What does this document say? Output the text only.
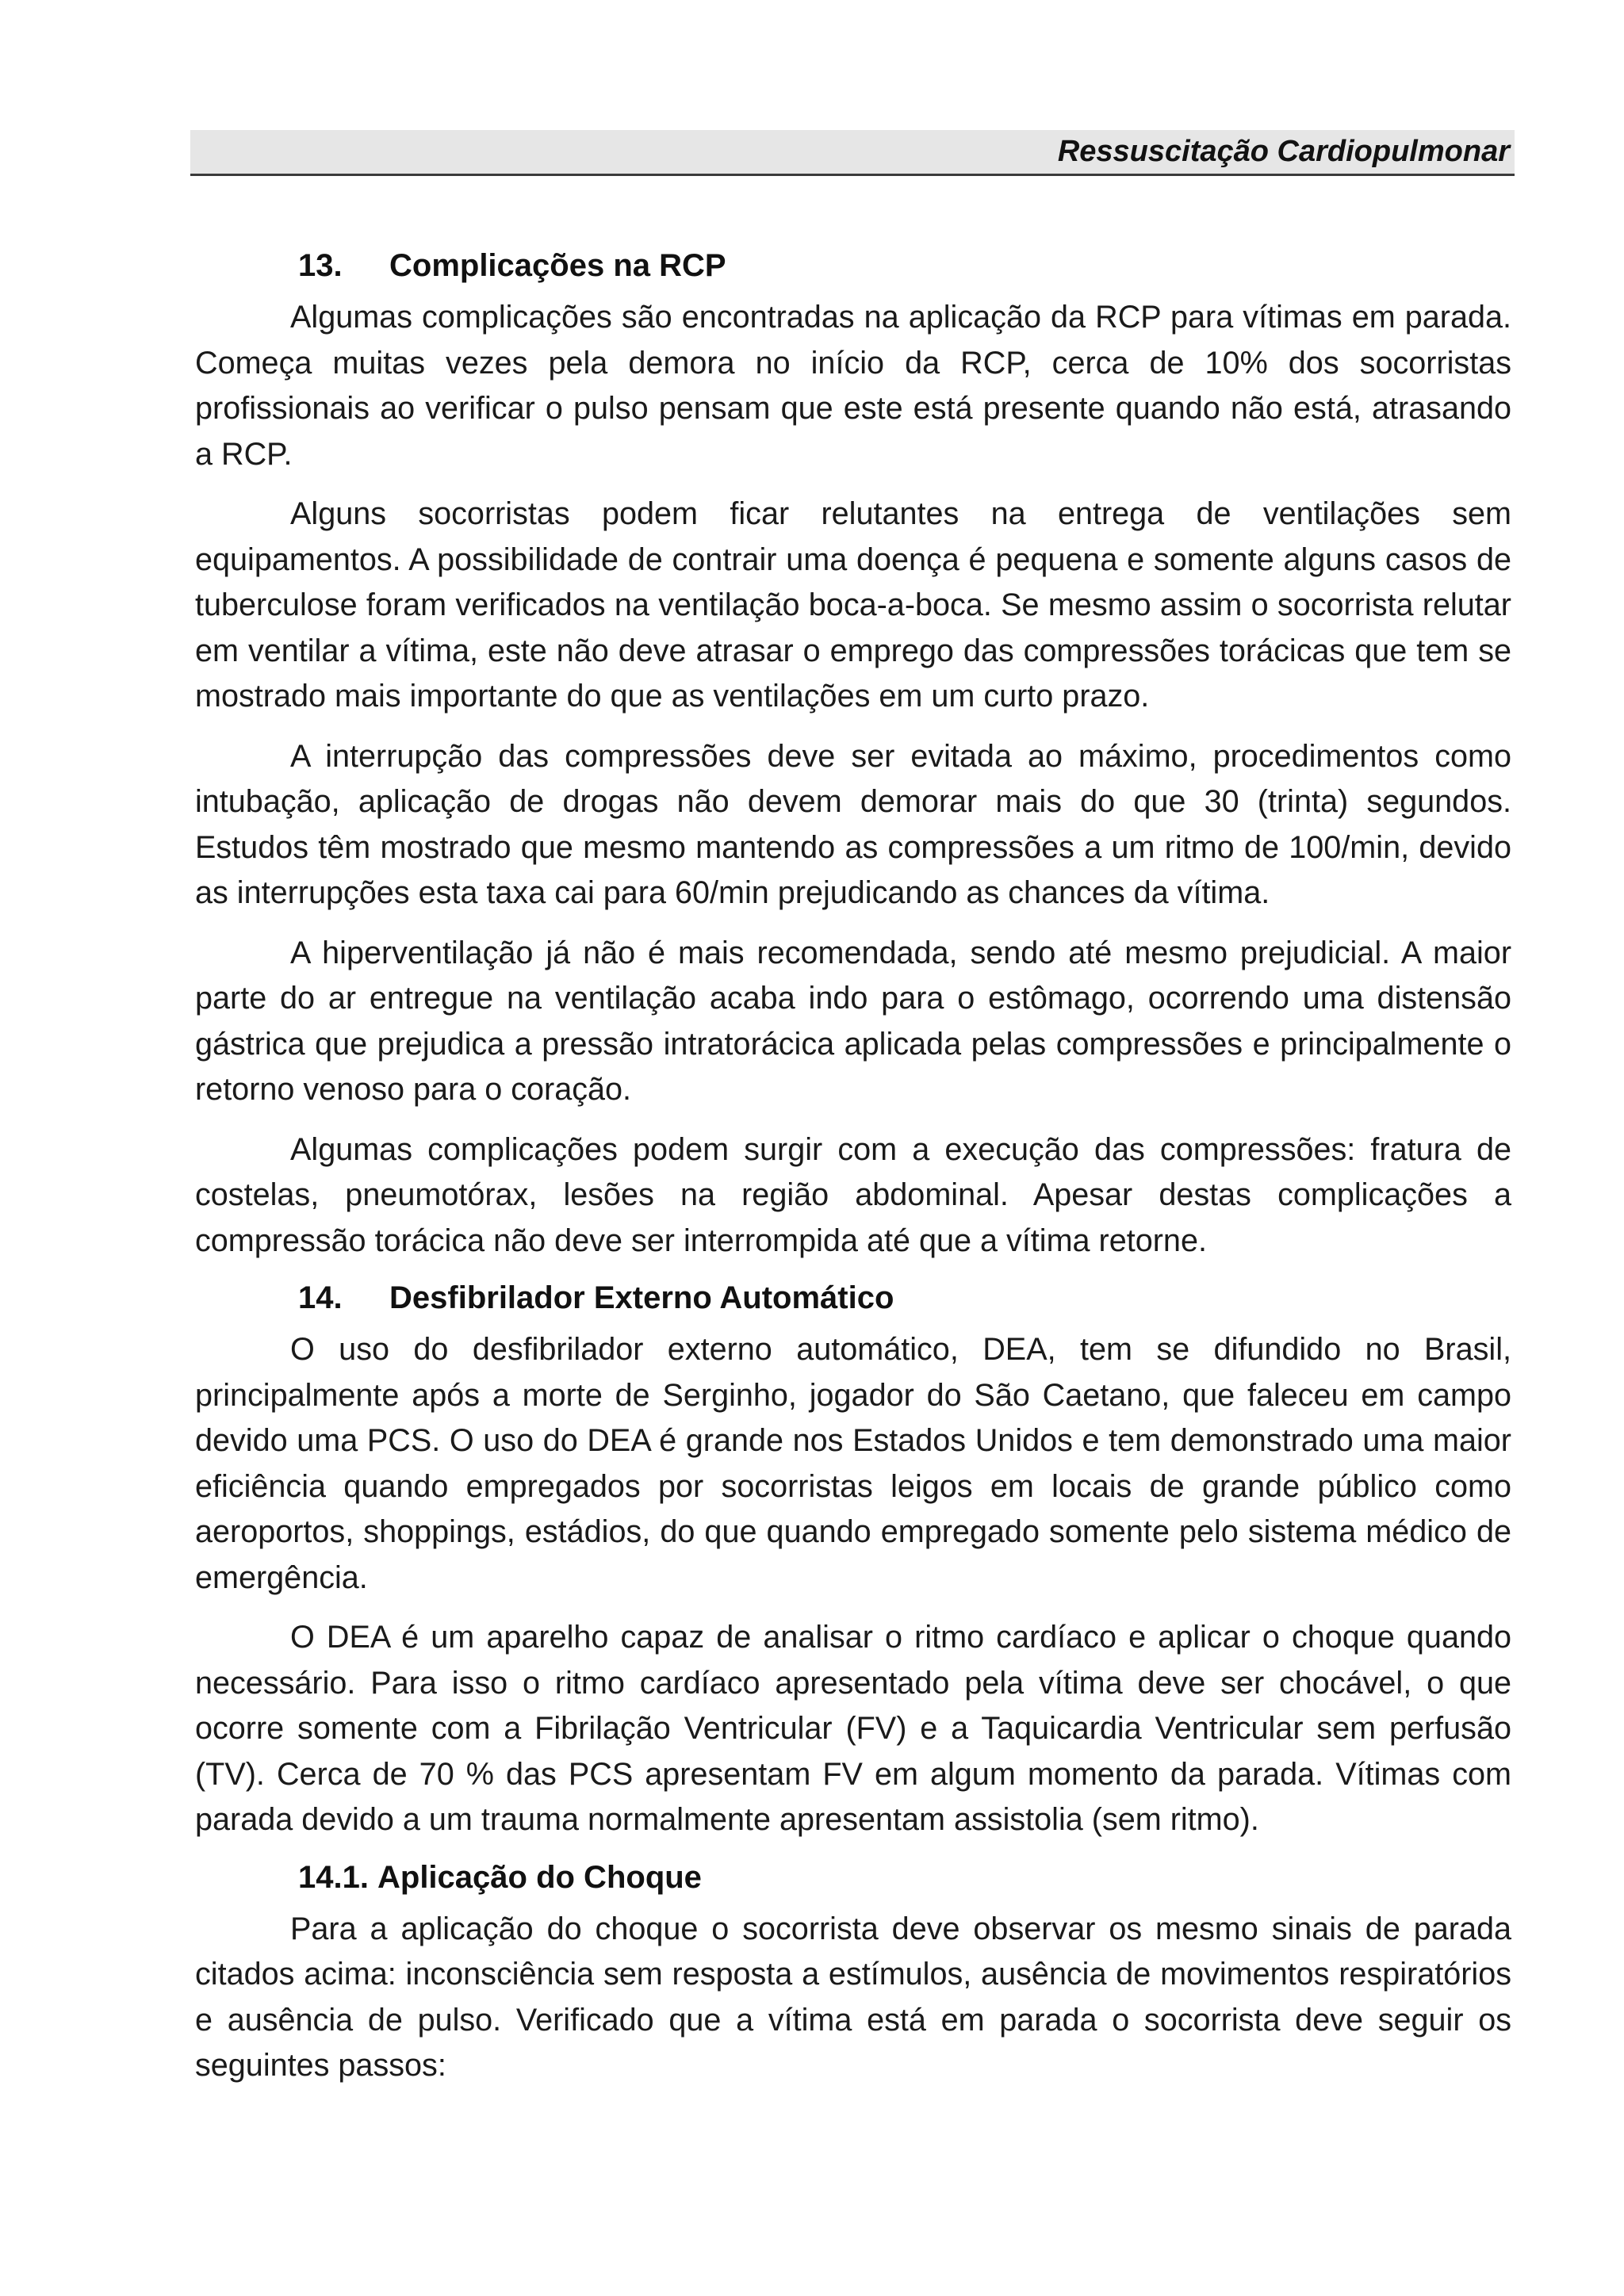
Ressuscitação Cardiopulmonar
13.	Complicações na RCP

Algumas complicações são encontradas na aplicação da RCP para vítimas em parada. Começa muitas vezes pela demora no início da RCP, cerca de 10% dos socorristas profissionais ao verificar o pulso pensam que este está presente quando não está, atrasando a RCP.

Alguns socorristas podem ficar relutantes na entrega de ventilações sem equipamentos. A possibilidade de contrair uma doença é pequena e somente alguns casos de tuberculose foram verificados na ventilação boca-a-boca. Se mesmo assim o socorrista relutar em ventilar a vítima, este não deve atrasar o emprego das compressões torácicas que tem se mostrado mais importante do que as ventilações em um curto prazo.

A interrupção das compressões deve ser evitada ao máximo, procedimentos como intubação, aplicação de drogas não devem demorar mais do que 30 (trinta) segundos. Estudos têm mostrado que mesmo mantendo as compressões a um ritmo de 100/min, devido as interrupções esta taxa cai para 60/min prejudicando as chances da vítima.

A hiperventilação já não é mais recomendada, sendo até mesmo prejudicial. A maior parte do ar entregue na ventilação acaba indo para o estômago, ocorrendo uma distensão gástrica que prejudica a pressão intratorácica aplicada pelas compressões e principalmente o retorno venoso para o coração.

Algumas complicações podem surgir com a execução das compressões: fratura de costelas, pneumotórax, lesões na região abdominal. Apesar destas complicações a compressão torácica não deve ser interrompida até que a vítima retorne.

14.	Desfibrilador Externo Automático

O uso do desfibrilador externo automático, DEA, tem se difundido no Brasil, principalmente após a morte de Serginho, jogador do São Caetano, que faleceu em campo devido uma PCS. O uso do DEA é grande nos Estados Unidos e tem demonstrado uma maior eficiência quando empregados por socorristas leigos em locais de grande público como aeroportos, shoppings, estádios, do que quando empregado somente pelo sistema médico de emergência.

O DEA é um aparelho capaz de analisar o ritmo cardíaco e aplicar o choque quando necessário. Para isso o ritmo cardíaco apresentado pela vítima deve ser chocável, o que ocorre somente com a Fibrilação Ventricular (FV) e a Taquicardia Ventricular sem perfusão (TV). Cerca de 70 % das PCS apresentam FV em algum momento da parada. Vítimas com parada devido a um trauma normalmente apresentam assistolia (sem ritmo).

14.1. Aplicação do Choque

Para a aplicação do choque o socorrista deve observar os mesmo sinais de parada citados acima: inconsciência sem resposta a estímulos, ausência de movimentos respiratórios e ausência de pulso. Verificado que a vítima está em parada o socorrista deve seguir os seguintes passos:
